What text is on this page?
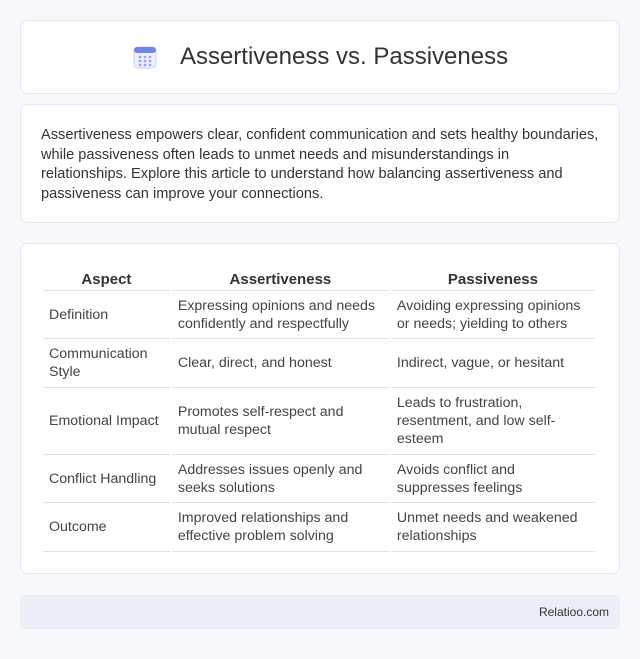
Assertiveness vs. Passiveness

Assertiveness empowers clear, confident communication and sets healthy boundaries, while passiveness often leads to unmet needs and misunderstandings in relationships. Explore this article to understand how balancing assertiveness and passiveness can improve your connections.

Aspect	Assertiveness	Passiveness
Definition	Expressing opinions and needs confidently and respectfully	Avoiding expressing opinions or needs; yielding to others
Communication Style	Clear, direct, and honest	Indirect, vague, or hesitant
Emotional Impact	Promotes self-respect and mutual respect	Leads to frustration, resentment, and low self-esteem
Conflict Handling	Addresses issues openly and seeks solutions	Avoids conflict and suppresses feelings
Outcome	Improved relationships and effective problem solving	Unmet needs and weakened relationships
Relatioo.com
